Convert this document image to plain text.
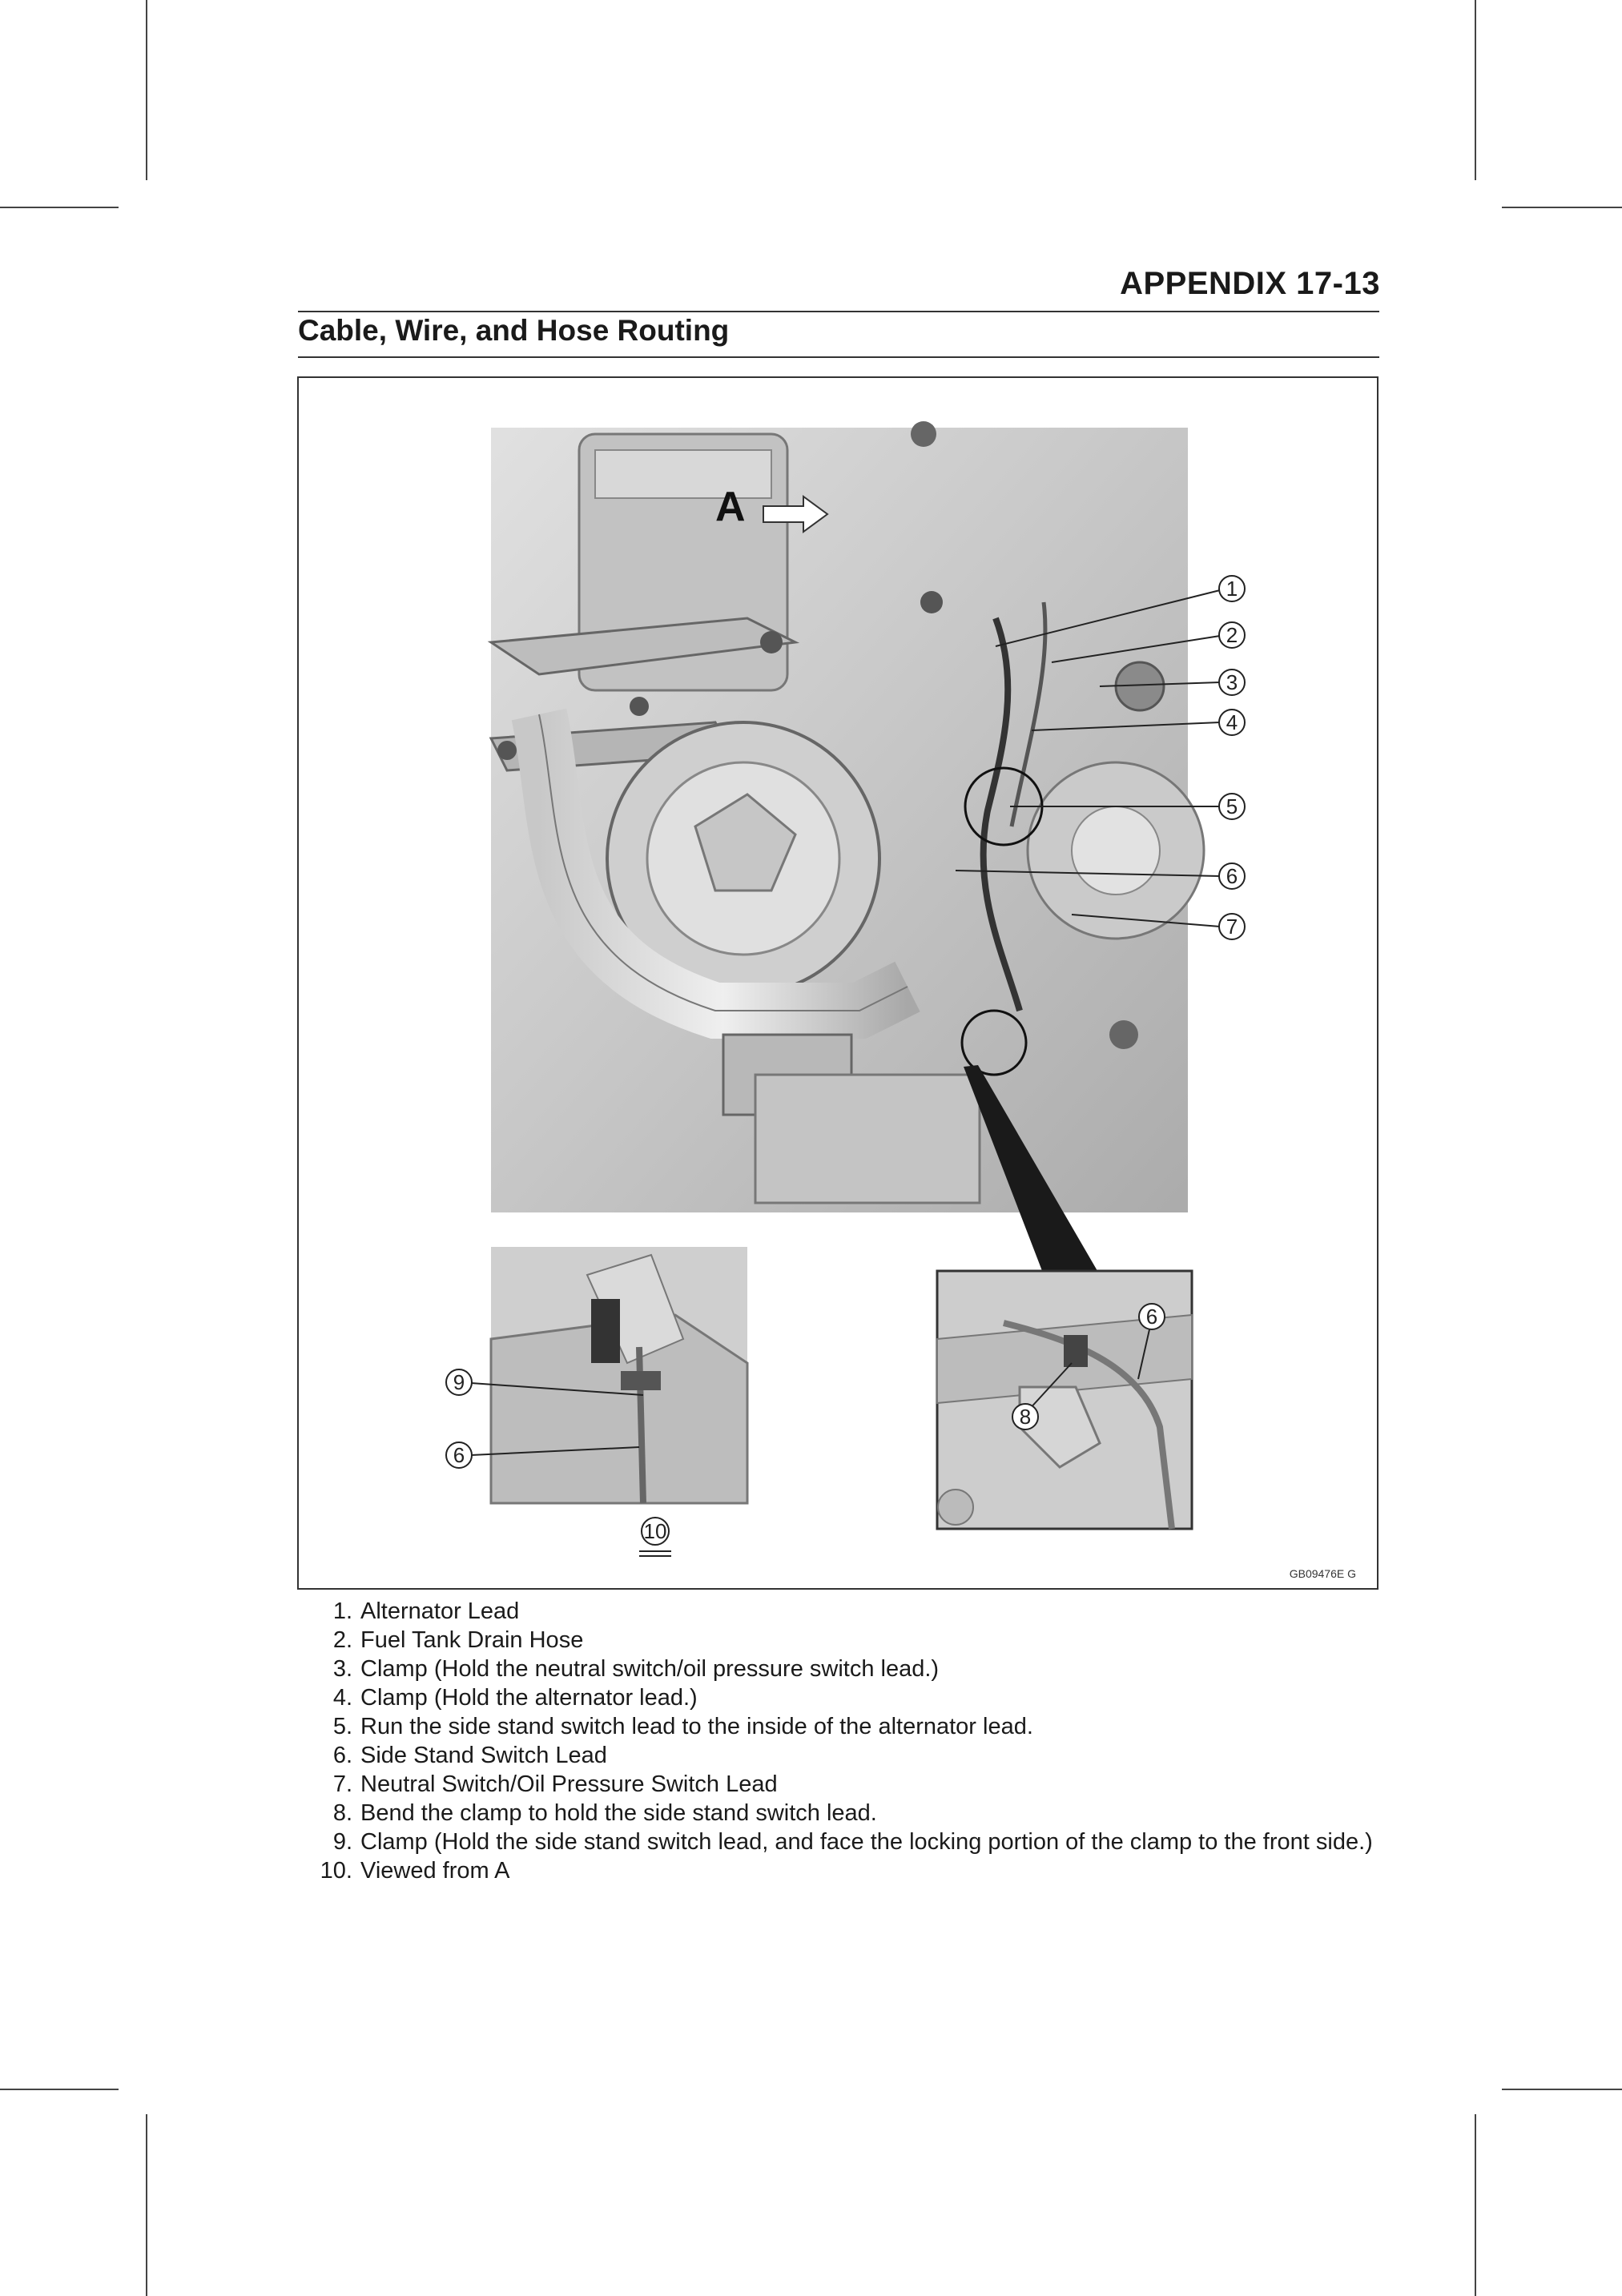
APPENDIX 17-13
Cable, Wire, and Hose Routing
A
1
2
3
4
5
6
7
6
9
8
6
10
GB09476E G
1. Alternator Lead
2. Fuel Tank Drain Hose
3. Clamp (Hold the neutral switch/oil pressure switch lead.)
4. Clamp (Hold the alternator lead.)
5. Run the side stand switch lead to the inside of the alternator lead.
6. Side Stand Switch Lead
7. Neutral Switch/Oil Pressure Switch Lead
8. Bend the clamp to hold the side stand switch lead.
9. Clamp (Hold the side stand switch lead, and face the locking portion of the clamp to the front side.)
10. Viewed from A
